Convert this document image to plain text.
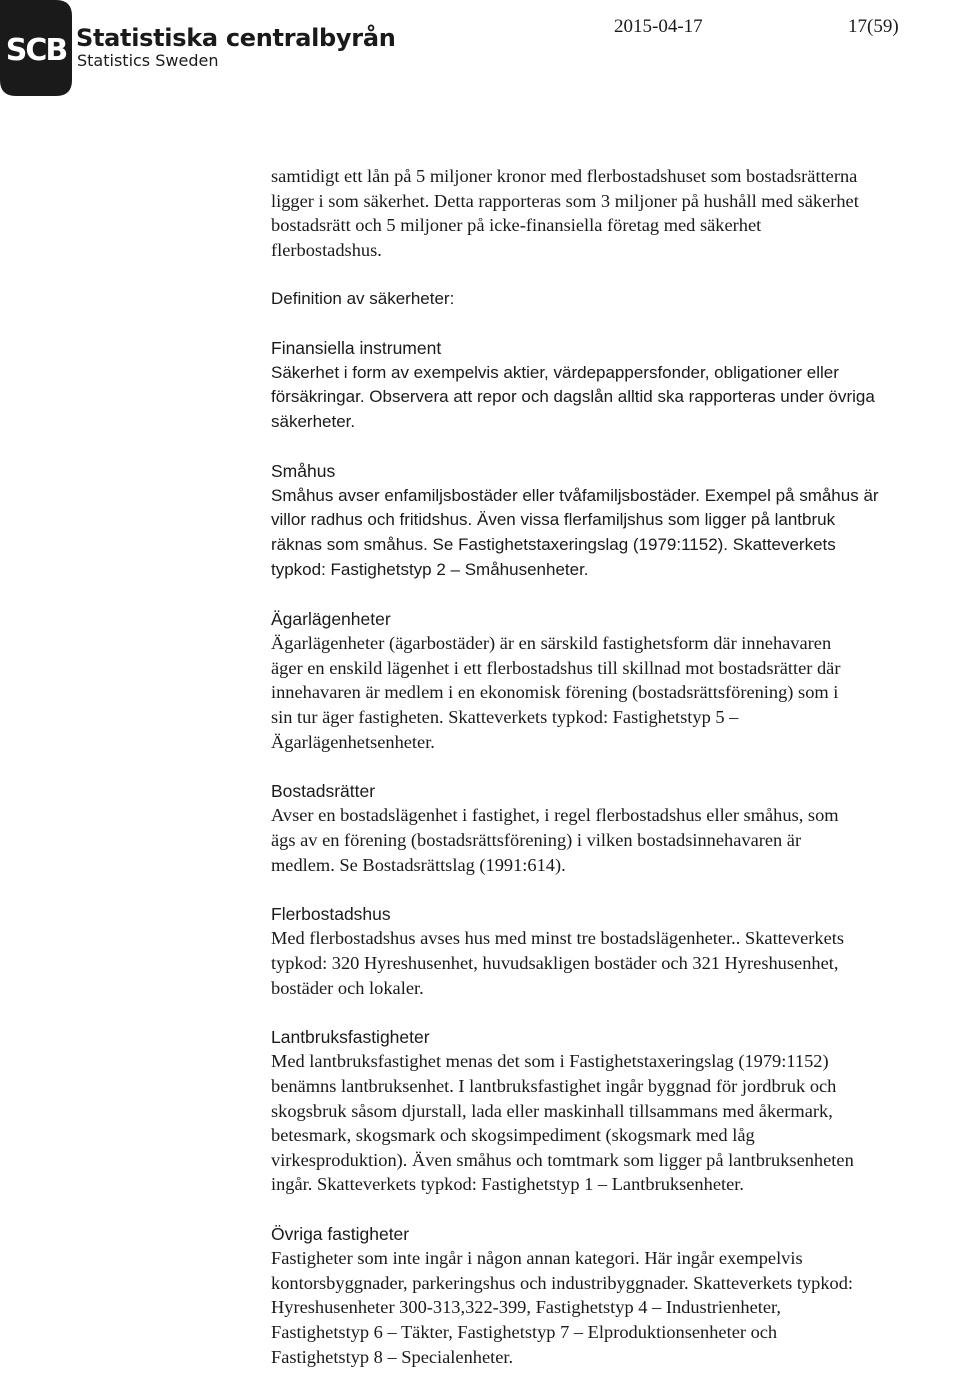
SCB Statistiska centralbyrån
Statistics Sweden
2015-04-17	17(59)

samtidigt ett lån på 5 miljoner kronor med flerbostadshuset som bostadsrätterna
ligger i som säkerhet. Detta rapporteras som 3 miljoner på hushåll med säkerhet
bostadsrätt och 5 miljoner på icke-finansiella företag med säkerhet
flerbostadshus.

Definition av säkerheter:

Finansiella instrument

Säkerhet i form av exempelvis aktier, värdepappersfonder, obligationer eller
försäkringar. Observera att repor och dagslån alltid ska rapporteras under övriga
säkerheter.

Småhus

Småhus avser enfamiljsbostäder eller tvåfamiljsbostäder. Exempel på småhus är
villor radhus och fritidshus. Även vissa flerfamiljshus som ligger på lantbruk
räknas som småhus. Se Fastighetstaxeringslag (1979:1152). Skatteverkets
typkod: Fastighetstyp 2 – Småhusenheter.

Ägarlägenheter

Ägarlägenheter (ägarbostäder) är en särskild fastighetsform där innehavaren
äger en enskild lägenhet i ett flerbostadshus till skillnad mot bostadsrätter där
innehavaren är medlem i en ekonomisk förening (bostadsrättsförening) som i
sin tur äger fastigheten. Skatteverkets typkod: Fastighetstyp 5 –
Ägarlägenhetsenheter.

Bostadsrätter

Avser en bostadslägenhet i fastighet, i regel flerbostadshus eller småhus, som
ägs av en förening (bostadsrättsförening) i vilken bostadsinnehavaren är
medlem. Se Bostadsrättslag (1991:614).

Flerbostadshus

Med flerbostadshus avses hus med minst tre bostadslägenheter.. Skatteverkets
typkod: 320 Hyreshusenhet, huvudsakligen bostäder och 321 Hyreshusenhet,
bostäder och lokaler.

Lantbruksfastigheter

Med lantbruksfastighet menas det som i Fastighetstaxeringslag (1979:1152)
benämns lantbruksenhet. I lantbruksfastighet ingår byggnad för jordbruk och
skogsbruk såsom djurstall, lada eller maskinhall tillsammans med åkermark,
betesmark, skogsmark och skogsimpediment (skogsmark med låg
virkesproduktion). Även småhus och tomtmark som ligger på lantbruksenheten
ingår. Skatteverkets typkod: Fastighetstyp 1 – Lantbruksenheter.

Övriga fastigheter

Fastigheter som inte ingår i någon annan kategori. Här ingår exempelvis
kontorsbyggnader, parkeringshus och industribyggnader. Skatteverkets typkod:
Hyreshusenheter 300-313,322-399, Fastighetstyp 4 – Industrienheter,
Fastighetstyp 6 – Täkter, Fastighetstyp 7 – Elproduktionsenheter och
Fastighetstyp 8 – Specialenheter.
